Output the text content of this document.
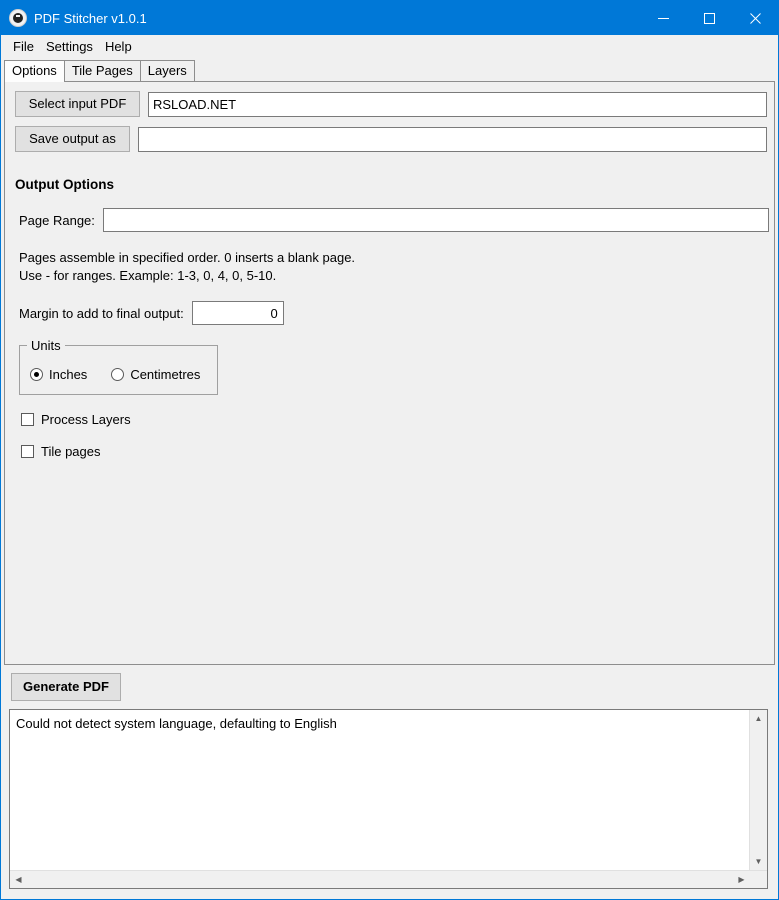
PDF Stitcher v1.0.1
File Settings Help
Options	Tile Pages	Layers
Select input PDF
RSLOAD.NET
Save output as
Output Options
Page Range:
Pages assemble in specified order. 0 inserts a blank page.
Use - for ranges. Example: 1-3, 0, 4, 0, 5-10.
Margin to add to final output:
0
Units
Inches	Centimetres
Process Layers
Tile pages
Generate PDF
Could not detect system language, defaulting to English	▲
▼
◀	▶
